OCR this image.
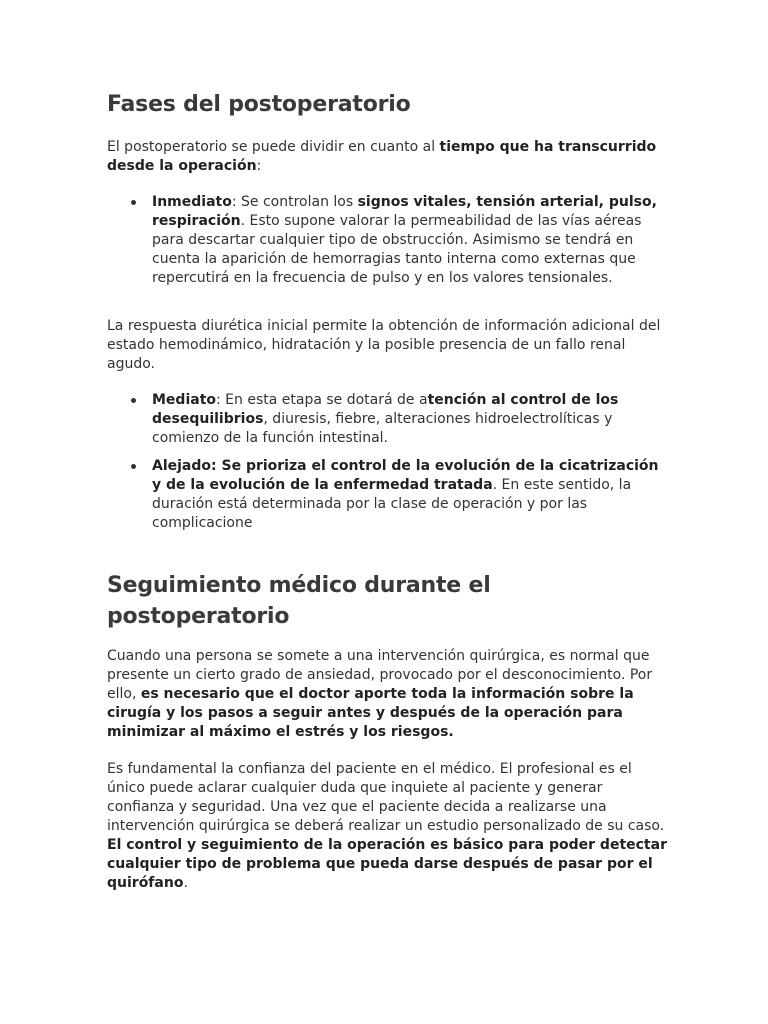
Fases del postoperatorio

El postoperatorio se puede dividir en cuanto al tiempo que ha transcurrido desde la operación:

Inmediato: Se controlan los signos vitales, tensión arterial, pulso, respiración. Esto supone valorar la permeabilidad de las vías aéreas para descartar cualquier tipo de obstrucción. Asimismo se tendrá en cuenta la aparición de hemorragias tanto interna como externas que repercutirá en la frecuencia de pulso y en los valores tensionales.

La respuesta diurética inicial permite la obtención de información adicional del estado hemodinámico, hidratación y la posible presencia de un fallo renal agudo.

Mediato: En esta etapa se dotará de atención al control de los desequilibrios, diuresis, fiebre, alteraciones hidroelectrolíticas y comienzo de la función intestinal.
Alejado: Se prioriza el control de la evolución de la cicatrización y de la evolución de la enfermedad tratada. En este sentido, la duración está determinada por la clase de operación y por las complicacione
Seguimiento médico durante el postoperatorio

Cuando una persona se somete a una intervención quirúrgica, es normal que presente un cierto grado de ansiedad, provocado por el desconocimiento. Por ello, es necesario que el doctor aporte toda la información sobre la cirugía y los pasos a seguir antes y después de la operación para minimizar al máximo el estrés y los riesgos.

Es fundamental la confianza del paciente en el médico. El profesional es el único puede aclarar cualquier duda que inquiete al paciente y generar confianza y seguridad. Una vez que el paciente decida a realizarse una intervención quirúrgica se deberá realizar un estudio personalizado de su caso. El control y seguimiento de la operación es básico para poder detectar cualquier tipo de problema que pueda darse después de pasar por el quirófano.
